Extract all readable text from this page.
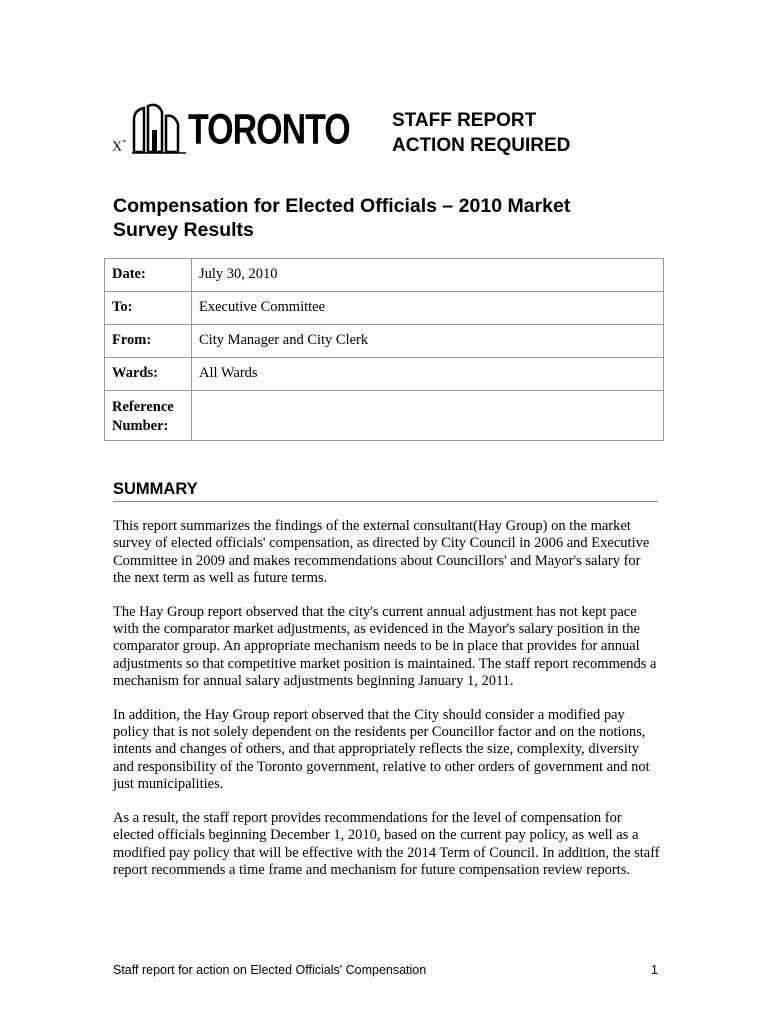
X* TORONTO STAFF REPORT
ACTION REQUIRED
Compensation for Elected Officials – 2010 Market
Survey Results
Date:	July 30, 2010
To:	Executive Committee
From:	City Manager and City Clerk
Wards:	All Wards
Reference
Number:	
SUMMARY

This report summarizes the findings of the external consultant(Hay Group) on the market survey of elected officials' compensation, as directed by City Council in 2006 and Executive Committee in 2009 and makes recommendations about Councillors' and Mayor's salary for the next term as well as future terms.

The Hay Group report observed that the city's current annual adjustment has not kept pace with the comparator market adjustments, as evidenced in the Mayor's salary position in the comparator group. An appropriate mechanism needs to be in place that provides for annual adjustments so that competitive market position is maintained. The staff report recommends a mechanism for annual salary adjustments beginning January 1, 2011.

In addition, the Hay Group report observed that the City should consider a modified pay policy that is not solely dependent on the residents per Councillor factor and on the notions, intents and changes of others, and that appropriately reflects the size, complexity, diversity and responsibility of the Toronto government, relative to other orders of government and not just municipalities.

As a result, the staff report provides recommendations for the level of compensation for elected officials beginning December 1, 2010, based on the current pay policy, as well as a modified pay policy that will be effective with the 2014 Term of Council. In addition, the staff report recommends a time frame and mechanism for future compensation review reports.

Staff report for action on Elected Officials' Compensation	1
